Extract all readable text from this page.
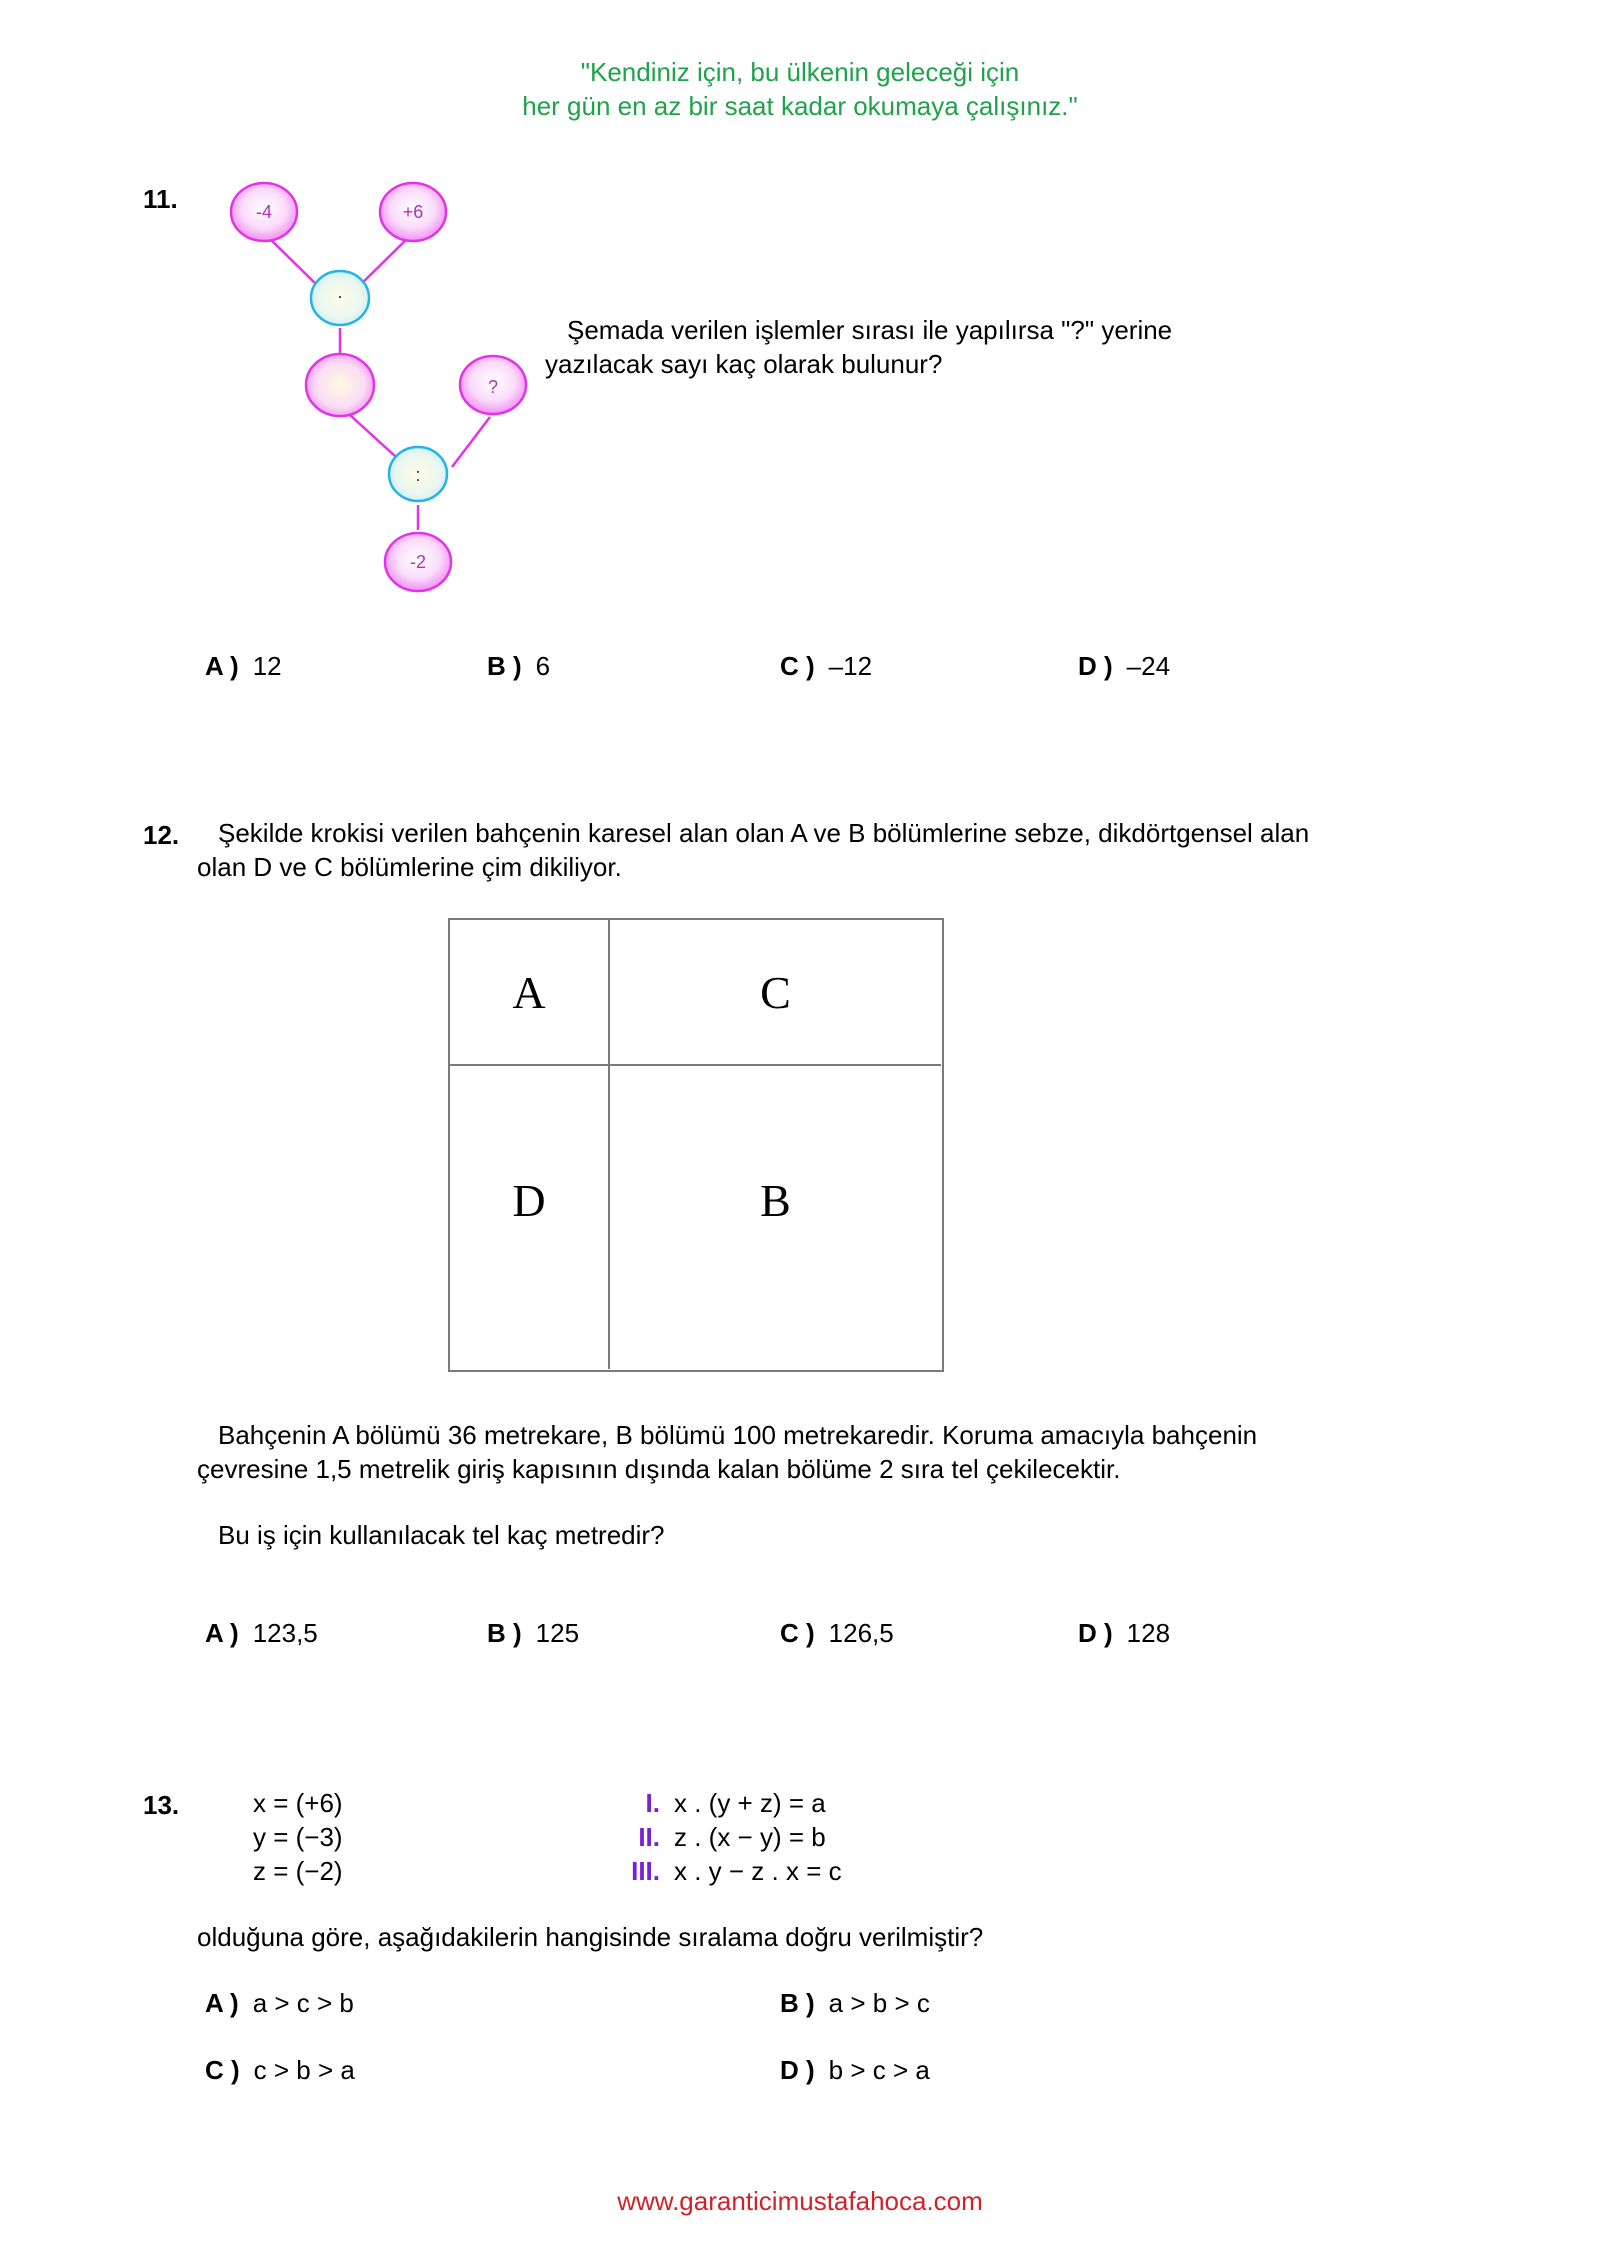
"Kendiniz için, bu ülkenin geleceği için
her gün en az bir saat kadar okumaya çalışınız."
11.	-4	+6
·
?
:
-2
Şemada verilen işlemler sırası ile yapılırsa "?" yerine
yazılacak sayı kaç olarak bulunur?
A ) 12	B ) 6	C ) –12	D ) –24
12. Şekilde krokisi verilen bahçenin karesel alan olan A ve B bölümlerine sebze, dikdörtgensel alan
olan D ve C bölümlerine çim dikiliyor.
A	C
D	B
Bahçenin A bölümü 36 metrekare, B bölümü 100 metrekaredir. Koruma amacıyla bahçenin
çevresine 1,5 metrelik giriş kapısının dışında kalan bölüme 2 sıra tel çekilecektir.
Bu iş için kullanılacak tel kaç metredir?
A ) 123,5	B ) 125	C ) 126,5	D ) 128
13.	x = (+6)
y = (−3)
z = (−2)
I. x . (y + z) = a
II. z . (x − y) = b
III. x . y − z . x = c
olduğuna göre, aşağıdakilerin hangisinde sıralama doğru verilmiştir?
A ) a > c > b	B ) a > b > c
C ) c > b > a	D ) b > c > a
www.garanticimustafahoca.com
